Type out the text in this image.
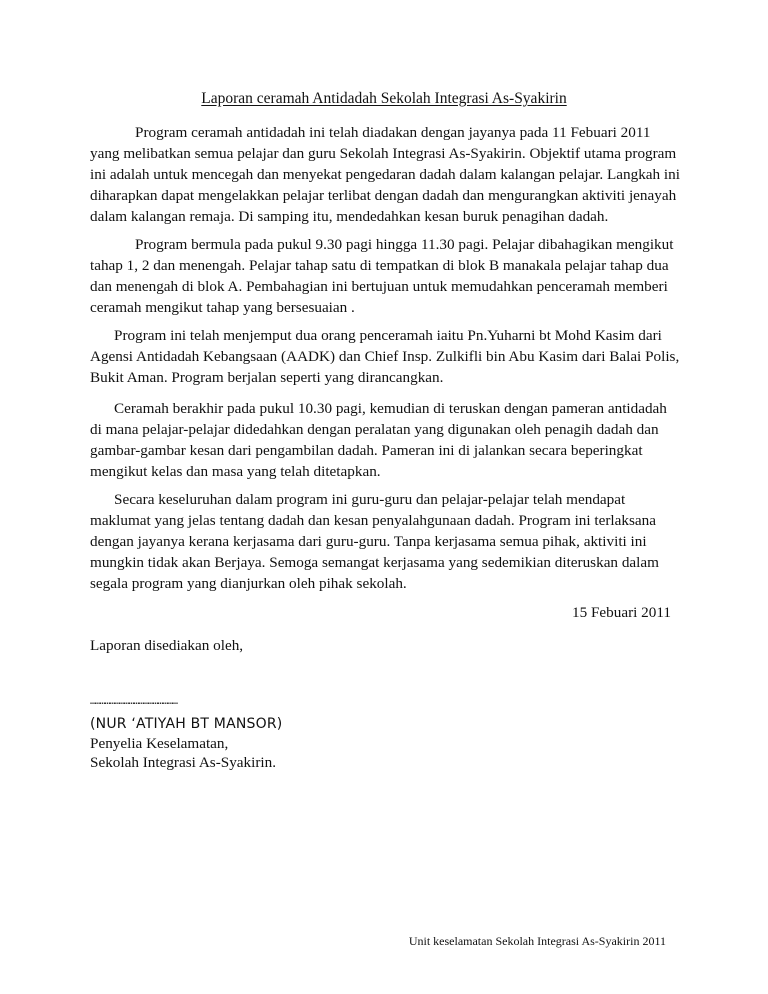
Laporan ceramah Antidadah Sekolah Integrasi As-Syakirin
Program ceramah antidadah ini telah diadakan dengan jayanya pada 11 Febuari 2011
yang melibatkan semua pelajar dan guru Sekolah Integrasi As-Syakirin. Objektif utama program
ini adalah untuk mencegah dan menyekat pengedaran dadah dalam kalangan pelajar. Langkah ini
diharapkan dapat mengelakkan pelajar terlibat dengan dadah dan mengurangkan aktiviti jenayah
dalam kalangan remaja. Di samping itu, mendedahkan kesan buruk penagihan dadah.
Program bermula pada pukul 9.30 pagi hingga 11.30 pagi. Pelajar dibahagikan mengikut
tahap 1, 2 dan menengah. Pelajar tahap satu di tempatkan di blok B manakala pelajar tahap dua
dan menengah di blok A. Pembahagian ini bertujuan untuk memudahkan penceramah memberi
ceramah mengikut tahap yang bersesuaian .
Program ini telah menjemput dua orang penceramah iaitu Pn.Yuharni bt Mohd Kasim dari
Agensi Antidadah Kebangsaan (AADK) dan Chief Insp. Zulkifli bin Abu Kasim dari Balai Polis,
Bukit Aman. Program berjalan seperti yang dirancangkan.
Ceramah berakhir pada pukul 10.30 pagi, kemudian di teruskan dengan pameran antidadah
di mana pelajar-pelajar didedahkan dengan peralatan yang digunakan oleh penagih dadah dan
gambar-gambar kesan dari pengambilan dadah. Pameran ini di jalankan secara beperingkat
mengikut kelas dan masa yang telah ditetapkan.
Secara keseluruhan dalam program ini guru-guru dan pelajar-pelajar telah mendapat
maklumat yang jelas tentang dadah dan kesan penyalahgunaan dadah. Program ini terlaksana
dengan jayanya kerana kerjasama dari guru-guru. Tanpa kerjasama semua pihak, aktiviti ini
mungkin tidak akan Berjaya. Semoga semangat kerjasama yang sedemikian diteruskan dalam
segala program yang dianjurkan oleh pihak sekolah.
15 Febuari 2011
Laporan disediakan oleh,
………………………………………………
(NUR ‘ATIYAH BT MANSOR)
Penyelia Keselamatan,
Sekolah Integrasi As-Syakirin.
Unit keselamatan Sekolah Integrasi As-Syakirin 2011
